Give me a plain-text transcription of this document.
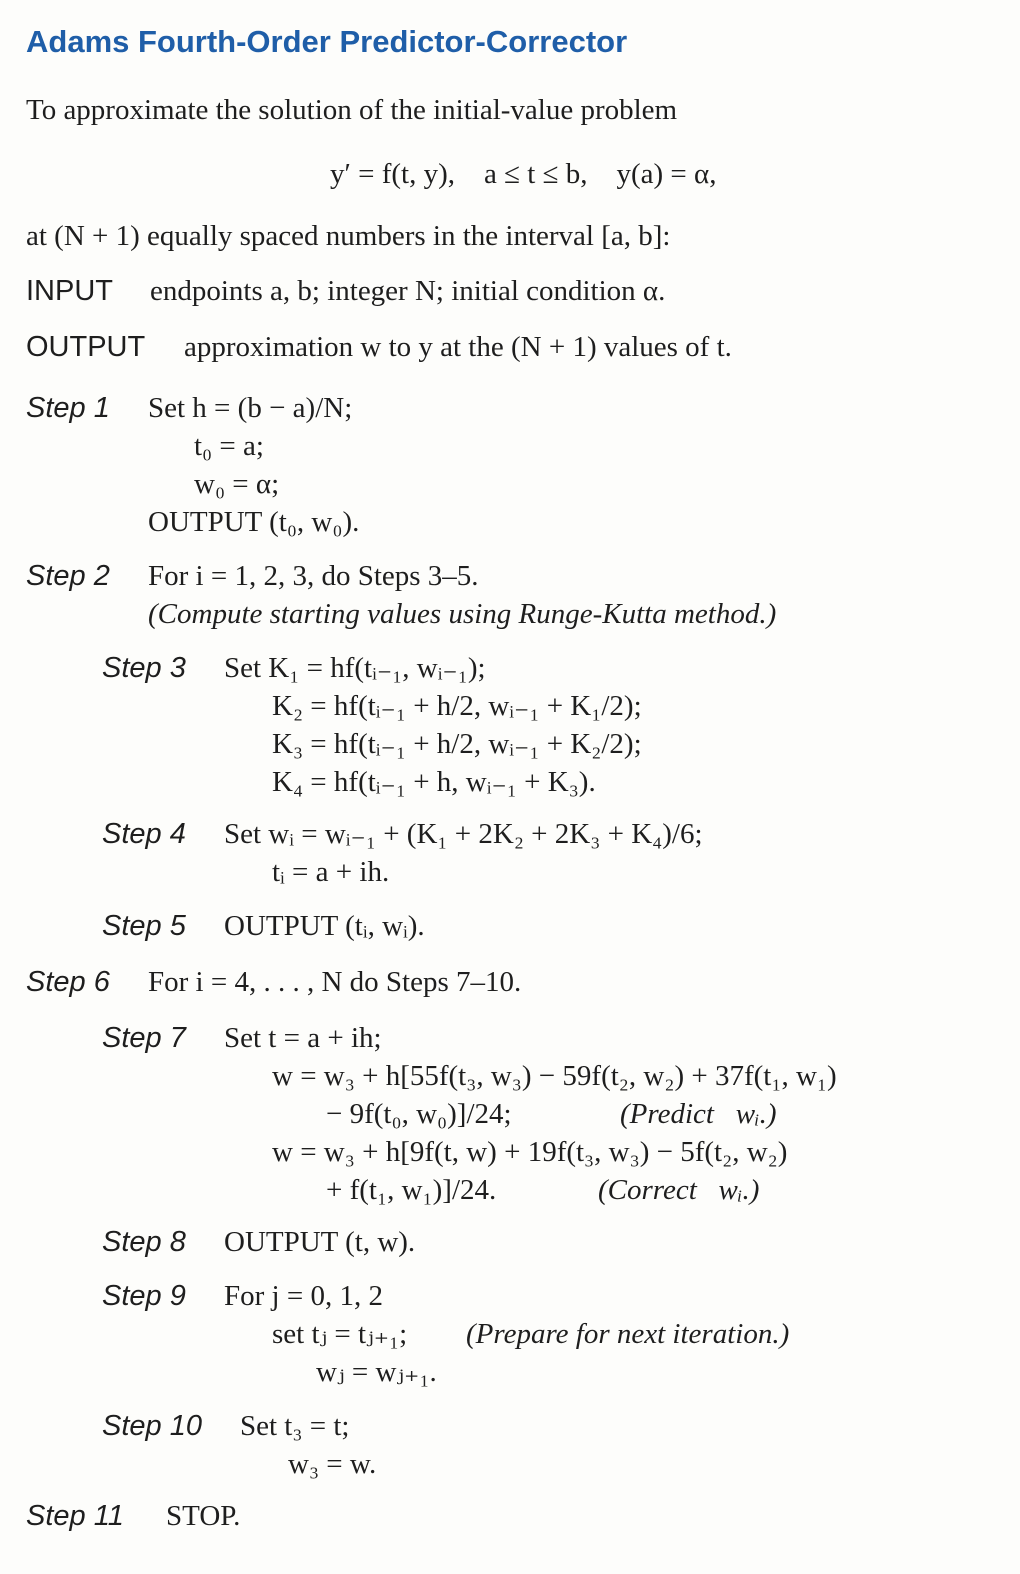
Adams Fourth-Order Predictor-Corrector
To approximate the solution of the initial-value problem
y′ = f(t, y),    a ≤ t ≤ b,    y(a) = α,
at (N + 1) equally spaced numbers in the interval [a, b]:
INPUT endpoints a, b; integer N; initial condition α.
OUTPUT approximation w to y at the (N + 1) values of t.
Step 1 Set h = (b − a)/N;
t₀ = a;
w₀ = α;
OUTPUT (t₀, w₀).
Step 2 For i = 1, 2, 3, do Steps 3–5.
(Compute starting values using Runge-Kutta method.)
Step 3 Set K₁ = hf(tᵢ₋₁, wᵢ₋₁);
K₂ = hf(tᵢ₋₁ + h/2, wᵢ₋₁ + K₁/2);
K₃ = hf(tᵢ₋₁ + h/2, wᵢ₋₁ + K₂/2);
K₄ = hf(tᵢ₋₁ + h, wᵢ₋₁ + K₃).
Step 4 Set wᵢ = wᵢ₋₁ + (K₁ + 2K₂ + 2K₃ + K₄)/6;
tᵢ = a + ih.
Step 5 OUTPUT (tᵢ, wᵢ).
Step 6 For i = 4, . . . , N do Steps 7–10.
Step 7 Set t = a + ih;
w = w₃ + h[55f(t₃, w₃) − 59f(t₂, w₂) + 37f(t₁, w₁)
− 9f(t₀, w₀)]/24;	(Predict   wᵢ.)
w = w₃ + h[9f(t, w) + 19f(t₃, w₃) − 5f(t₂, w₂)
+ f(t₁, w₁)]/24.	(Correct   wᵢ.)
Step 8 OUTPUT (t, w).
Step 9 For j = 0, 1, 2
set tⱼ = tⱼ₊₁; (Prepare for next iteration.)
wⱼ = wⱼ₊₁.
Step 10 Set t₃ = t;
w₃ = w.
Step 11 STOP.
